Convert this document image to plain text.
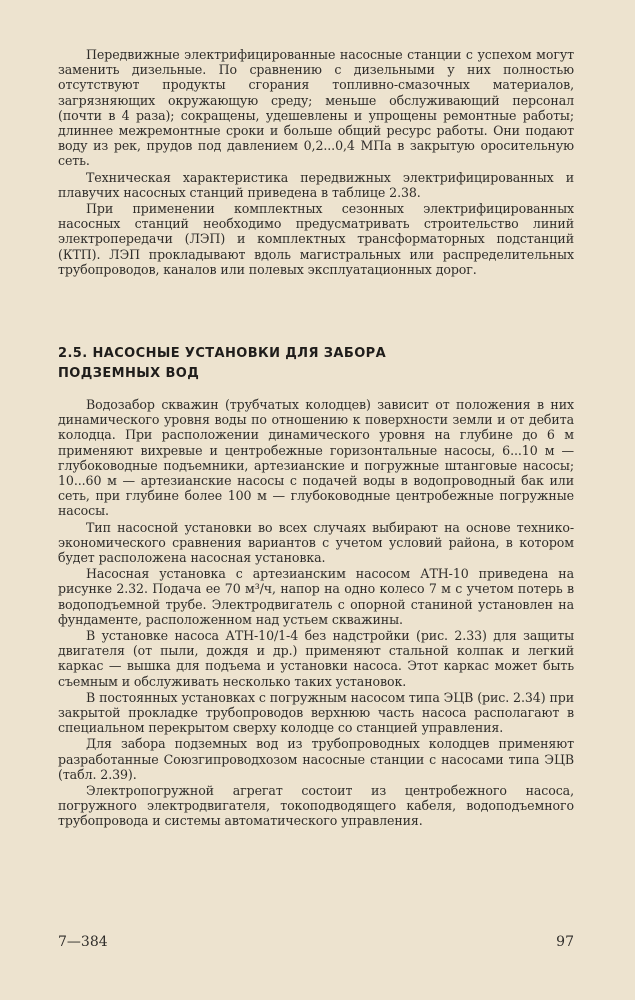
Передвижные электрифицированные насосные станции с успехом могут заменить дизельные. По сравнению с дизельными у них полностью отсутствуют продукты сгорания топливно-смазочных материалов, загрязняющих окружающую среду; меньше обслуживающий персонал (почти в 4 раза); сокращены, удешевлены и упрощены ремонтные работы; длиннее межремонтные сроки и больше общий ресурс работы. Они подают воду из рек, прудов под давлением 0,2...0,4 МПа в закрытую оросительную сеть.

Техническая характеристика передвижных электрифицированных и плавучих насосных станций приведена в таблице 2.38.

При применении комплектных сезонных электрифицированных насосных станций необходимо предусматривать строительство линий электропередачи (ЛЭП) и комплектных трансформаторных подстанций (КТП). ЛЭП прокладывают вдоль магистральных или распределительных трубопроводов, каналов или полевых эксплуатационных дорог.

2.5. НАСОСНЫЕ УСТАНОВКИ ДЛЯ ЗАБОРА
ПОДЗЕМНЫХ ВОД

Водозабор скважин (трубчатых колодцев) зависит от положения в них динамического уровня воды по отношению к поверхности земли и от дебита колодца. При расположении динамического уровня на глубине до 6 м применяют вихревые и центробежные горизонтальные насосы, 6...10 м — глубоководные подъемники, артезианские и погружные штанговые насосы; 10...60 м — артезианские насосы с подачей воды в водопроводный бак или сеть, при глубине более 100 м — глубоководные центробежные погружные насосы.

Тип насосной установки во всех случаях выбирают на основе технико-экономического сравнения вариантов с учетом условий района, в котором будет расположена насосная установка.

Насосная установка с артезианским насосом АТН-10 приведена на рисунке 2.32. Подача ее 70 м³/ч, напор на одно колесо 7 м с учетом потерь в водоподъемной трубе. Электродвигатель с опорной станиной установлен на фундаменте, расположенном над устьем скважины.

В установке насоса АТН-10/1-4 без надстройки (рис. 2.33) для защиты двигателя (от пыли, дождя и др.) применяют стальной колпак и легкий каркас — вышка для подъема и установки насоса. Этот каркас может быть съемным и обслуживать несколько таких установок.

В постоянных установках с погружным насосом типа ЭЦВ (рис. 2.34) при закрытой прокладке трубопроводов верхнюю часть насоса располагают в специальном перекрытом сверху колодце со станцией управления.

Для забора подземных вод из трубопроводных колодцев применяют разработанные Союзгипроводхозом насосные станции с насосами типа ЭЦВ (табл. 2.39).

Электропогружной агрегат состоит из центробежного насоса, погружного электродвигателя, токоподводящего кабеля, водоподъемного трубопровода и системы автоматического управления.

7—384	97
